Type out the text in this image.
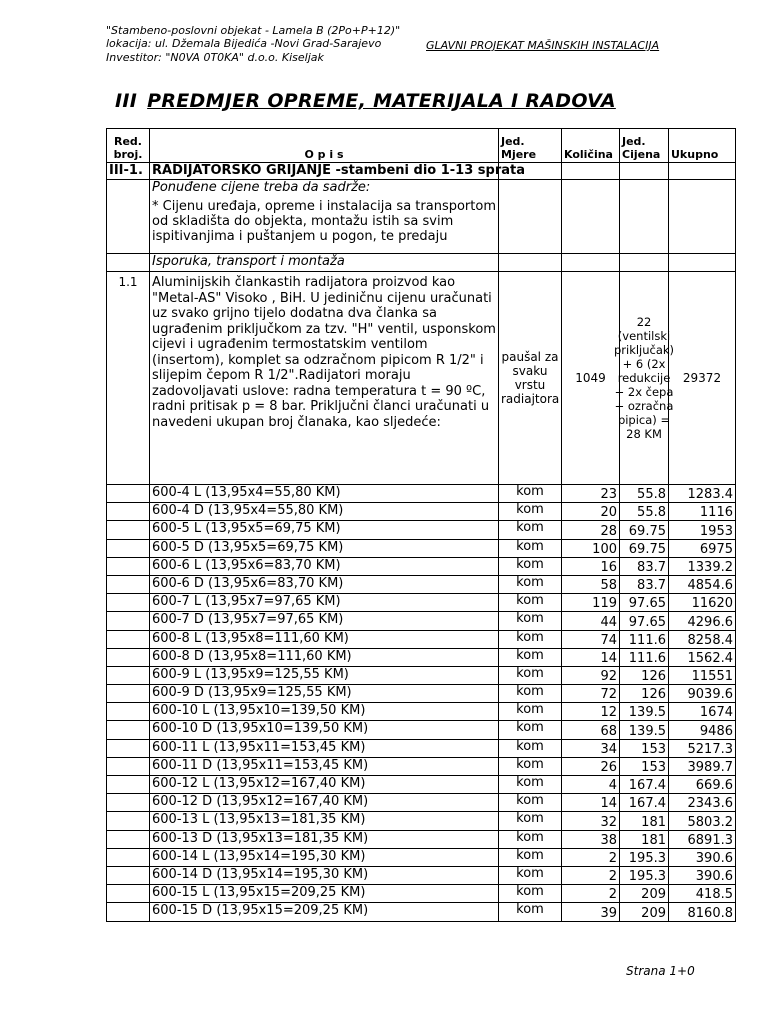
"Stambeno-poslovni objekat - Lamela B (2Po+P+12)"
lokacija: ul. Džemala Bijedića -Novi Grad-Sarajevo
Investitor: "N0VA 0T0KA" d.o.o. Kiseljak
GLAVNI PROJEKAT MAŠINSKIH INSTALACIJA
III PREDMJER OPREME, MATERIJALA I RADOVA
Red. broj.	O p i s	Jed. Mjere	Količina	Jed. Cijena	Ukupno
III-1.	RADIJATORSKO GRIJANJE -stambeni dio 1-13 sprata				

	Ponuđene cijene treba da sadrže:
* Cijenu uređaja, opreme i instalacija sa transportom od skladišta do objekta, montažu istih sa svim ispitivanjima i puštanjem u pogon, te predaju				

	Isporuka, transport i montaža				
1.1	Aluminijskih člankastih radijatora proizvod kao "Metal-AS" Visoko , BiH. U jediničnu cijenu uračunati uz svako grijno tijelo dodatna dva članka sa ugrađenim priključkom za tzv. "H" ventil, usponskom cijevi i ugrađenim termostatskim ventilom (insertom), komplet sa odzračnom pipicom R 1/2" i slijepim čepom R 1/2".Radijatori moraju zadovoljavati uslove: radna temperatura t = 90 ºC, radni pritisak p = 8 bar. Priključni članci uračunati u navedeni ukupan broj članaka, kao sljedeće:	paušal za svaku vrstu radiajtora	1049	22 (ventilski priključak) + 6 (2x redukcije + 2x čepa + ozračna pipica) = 28 KM	29372
	600-4 L (13,95x4=55,80 KM)	kom	23	55.8	1283.4
	600-4 D (13,95x4=55,80 KM)	kom	20	55.8	1116
	600-5 L (13,95x5=69,75 KM)	kom	28	69.75	1953
	600-5 D (13,95x5=69,75 KM)	kom	100	69.75	6975
	600-6 L (13,95x6=83,70 KM)	kom	16	83.7	1339.2
	600-6 D (13,95x6=83,70 KM)	kom	58	83.7	4854.6
	600-7 L (13,95x7=97,65 KM)	kom	119	97.65	11620
	600-7 D (13,95x7=97,65 KM)	kom	44	97.65	4296.6
	600-8 L (13,95x8=111,60 KM)	kom	74	111.6	8258.4
	600-8 D (13,95x8=111,60 KM)	kom	14	111.6	1562.4
	600-9 L (13,95x9=125,55 KM)	kom	92	126	11551
	600-9 D (13,95x9=125,55 KM)	kom	72	126	9039.6
	600-10 L (13,95x10=139,50 KM)	kom	12	139.5	1674
	600-10 D (13,95x10=139,50 KM)	kom	68	139.5	9486
	600-11 L (13,95x11=153,45 KM)	kom	34	153	5217.3
	600-11 D (13,95x11=153,45 KM)	kom	26	153	3989.7
	600-12 L (13,95x12=167,40 KM)	kom	4	167.4	669.6
	600-12 D (13,95x12=167,40 KM)	kom	14	167.4	2343.6
	600-13 L (13,95x13=181,35 KM)	kom	32	181	5803.2
	600-13 D (13,95x13=181,35 KM)	kom	38	181	6891.3
	600-14 L (13,95x14=195,30 KM)	kom	2	195.3	390.6
	600-14 D (13,95x14=195,30 KM)	kom	2	195.3	390.6
	600-15 L (13,95x15=209,25 KM)	kom	2	209	418.5
	600-15 D (13,95x15=209,25 KM)	kom	39	209	8160.8
Strana 1+0
